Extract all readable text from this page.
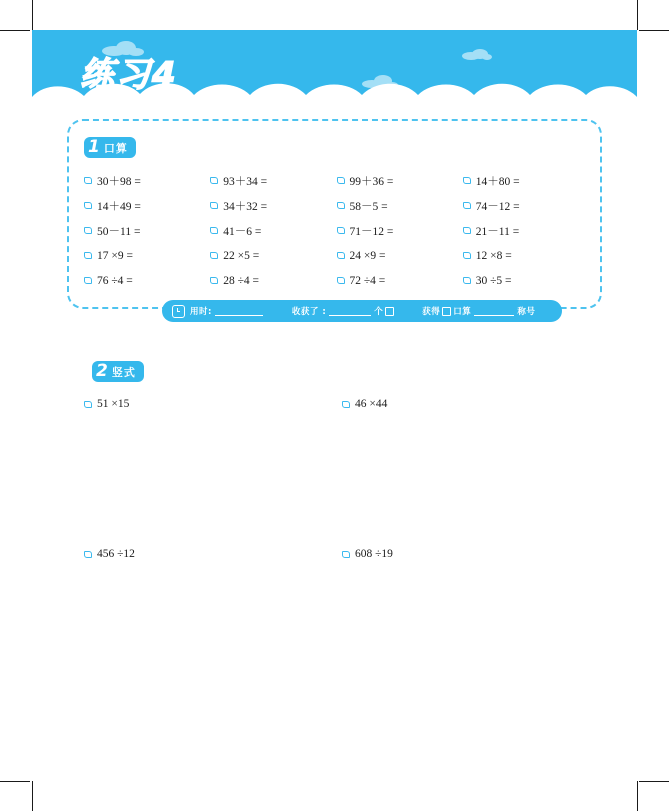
练习4
1 口算
30＋98 =	93＋34 =	99＋36 =	14＋80 =
14＋49 =	34＋32 =	58－5 =	74－12 =
50－11 =	41－6 =	71－12 =	21－11 =
17 ×9 =	22 ×5 =	24 ×9 =	12 ×8 =
76 ÷4 =	28 ÷4 =	72 ÷4 =	30 ÷5 =
用时:	收获了 :	个	获得 口算	称号
2 竖式
51 ×15	46 ×44
456 ÷12	608 ÷19
